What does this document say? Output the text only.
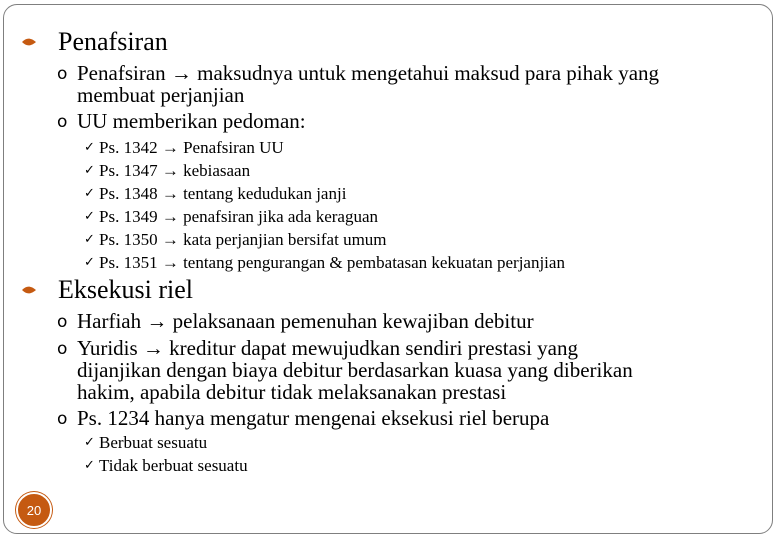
Penafsiran
o Penafsiran → maksudnya untuk mengetahui maksud para pihak yang
membuat perjanjian
o UU memberikan pedoman:
✓ Ps. 1342 → Penafsiran UU
✓ Ps. 1347 → kebiasaan
✓ Ps. 1348 → tentang kedudukan janji
✓ Ps. 1349 → penafsiran jika ada keraguan
✓ Ps. 1350 → kata perjanjian bersifat umum
✓ Ps. 1351 → tentang pengurangan & pembatasan kekuatan perjanjian
Eksekusi riel
o Harfiah → pelaksanaan pemenuhan kewajiban debitur
o Yuridis → kreditur dapat mewujudkan sendiri prestasi yang
dijanjikan dengan biaya debitur berdasarkan kuasa yang diberikan
hakim, apabila debitur tidak melaksanakan prestasi
o Ps. 1234 hanya mengatur mengenai eksekusi riel berupa
✓ Berbuat sesuatu
✓ Tidak berbuat sesuatu
20
